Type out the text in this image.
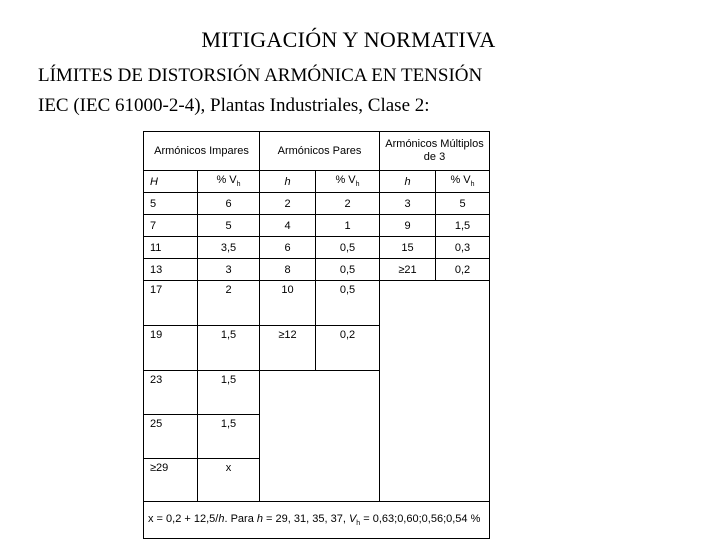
MITIGACIÓN Y NORMATIVA
LÍMITES DE DISTORSIÓN ARMÓNICA EN TENSIÓN
IEC (IEC 61000-2-4), Plantas Industriales, Clase 2:
Armónicos Impares		Armónicos Pares		Armónicos Múltiplos de 3	
H	% $V_h$	h	% $V_h$	h	% $V_h$
5	6	2	2	3	5
7	5	4	1	9	1,5
11	3,5	6	0,5	15	0,3
13	3	8	0,5	≥21	0,2
17	2	10	0,5		
19	1,5	≥12	0,2		
23	1,5				
25	1,5				
≥29	x				
x = 0,2 + 12,5/h. Para h = 29, 31, 35, 37, $V_h$ = 0,63;0,60;0,56;0,54 %					
